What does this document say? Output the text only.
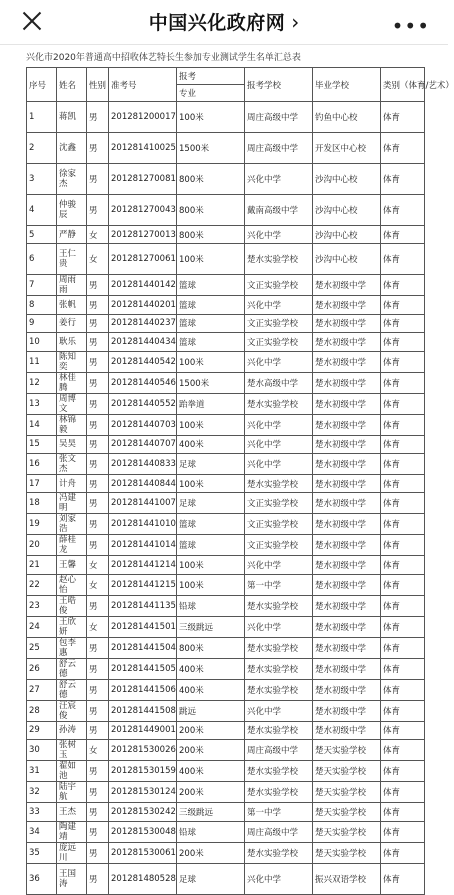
中国兴化政府网 ›	•••
兴化市2020年普通高中招收体艺特长生参加专业测试学生名单汇总表
序号	姓名	性别	准考号	报考	报考学校	毕业学校	类别（体育/艺术）
				专业			
1	蒋凯	男	201281200017	100米	周庄高级中学	钓鱼中心校	体育
2	沈鑫	男	201281410025	1500米	周庄高级中学	开发区中心校	体育
3	徐家杰	男	201281270081	800米	兴化中学	沙沟中心校	体育
4	仲骏辰	男	201281270043	800米	戴南高级中学	沙沟中心校	体育
5	严静	女	201281270013	800米	兴化中学	沙沟中心校	体育
6	王仁贵	女	201281270061	100米	楚水实验学校	沙沟中心校	体育
7	周雨雨	男	201281440142	篮球	文正实验学校	楚水初级中学	体育
8	张帆	男	201281440201	篮球	兴化中学	楚水初级中学	体育
9	姜行	男	201281440237	篮球	文正实验学校	楚水初级中学	体育
10	耿乐	男	201281440434	篮球	文正实验学校	楚水初级中学	体育
11	陈知奕	男	201281440542	100米	兴化中学	楚水初级中学	体育
12	林佳腾	男	201281440546	1500米	楚水高级中学	楚水初级中学	体育
13	周博文	男	201281440552	跆拳道	楚水实验学校	楚水初级中学	体育
14	林锦毅	男	201281440703	100米	兴化中学	楚水初级中学	体育
15	吴昊	男	201281440707	400米	兴化中学	楚水初级中学	体育
16	张文杰	男	201281440833	足球	兴化中学	楚水初级中学	体育
17	计舟	男	201281440844	100米	楚水实验学校	楚水初级中学	体育
18	冯建明	男	201281441007	足球	文正实验学校	楚水初级中学	体育
19	刘家浩	男	201281441010	篮球	文正实验学校	楚水初级中学	体育
20	薛桂龙	男	201281441014	篮球	文正实验学校	楚水初级中学	体育
21	王馨	女	201281441214	100米	兴化中学	楚水初级中学	体育
22	赵心怡	女	201281441215	100米	第一中学	楚水初级中学	体育
23	王晧俊	男	201281441135	铅球	楚水实验学校	楚水初级中学	体育
24	王欣妍	女	201281441501	三级跳远	兴化中学	楚水初级中学	体育
25	包李惠	男	201281441504	800米	楚水实验学校	楚水初级中学	体育
26	舒云德	男	201281441505	400米	楚水实验学校	楚水初级中学	体育
27	舒云德	男	201281441506	400米	楚水实验学校	楚水初级中学	体育
28	汪宸俊	男	201281441508	跳远	兴化中学	楚水初级中学	体育
29	孙涛	男	201281449001	200米	楚水实验学校	楚水初级中学	体育
30	张树玉	女	201281530026	200米	周庄高级中学	楚天实验学校	体育
31	翟如池	男	201281530159	400米	楚水实验学校	楚天实验学校	体育
32	陆宇航	男	201281530124	200米	楚水实验学校	楚天实验学校	体育
33	王杰	男	201281530242	三级跳远	第一中学	楚天实验学校	体育
34	陶建靖	男	201281530048	铅球	周庄高级中学	楚天实验学校	体育
35	庞远川	男	201281530061	200米	楚水实验学校	楚天实验学校	体育
36	王国涛	男	201281480528	足球	兴化中学	振兴双语学校	体育
